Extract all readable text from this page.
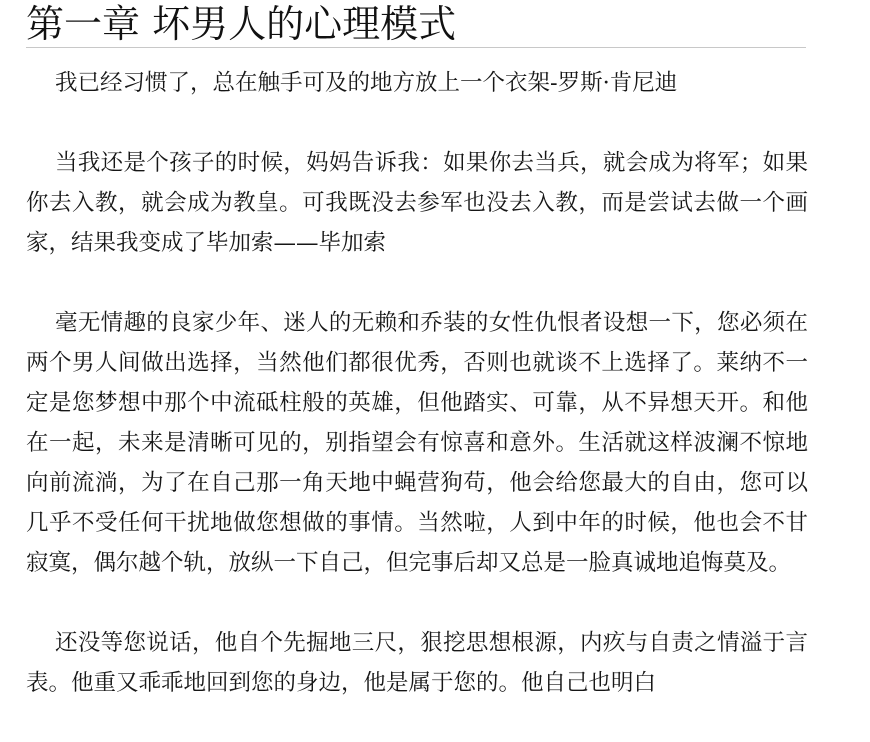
第一章 坏男人的心理模式

我已经习惯了，总在触手可及的地方放上一个衣架-罗斯·肯尼迪

当我还是个孩子的时候，妈妈告诉我：如果你去当兵，就会成为将军；如果你去入教，就会成为教皇。可我既没去参军也没去入教，而是尝试去做一个画家，结果我变成了毕加索——毕加索

毫无情趣的良家少年、迷人的无赖和乔装的女性仇恨者设想一下，您必须在两个男人间做出选择，当然他们都很优秀，否则也就谈不上选择了。莱纳不一定是您梦想中那个中流砥柱般的英雄，但他踏实、可靠，从不异想天开。和他在一起，未来是清晰可见的，别指望会有惊喜和意外。生活就这样波澜不惊地向前流淌，为了在自己那一角天地中蝇营狗苟，他会给您最大的自由，您可以几乎不受任何干扰地做您想做的事情。当然啦，人到中年的时候，他也会不甘寂寞，偶尔越个轨，放纵一下自己，但完事后却又总是一脸真诚地追悔莫及。

还没等您说话，他自个先掘地三尺，狠挖思想根源，内疚与自责之情溢于言表。他重又乖乖地回到您的身边，他是属于您的。他自己也明白
